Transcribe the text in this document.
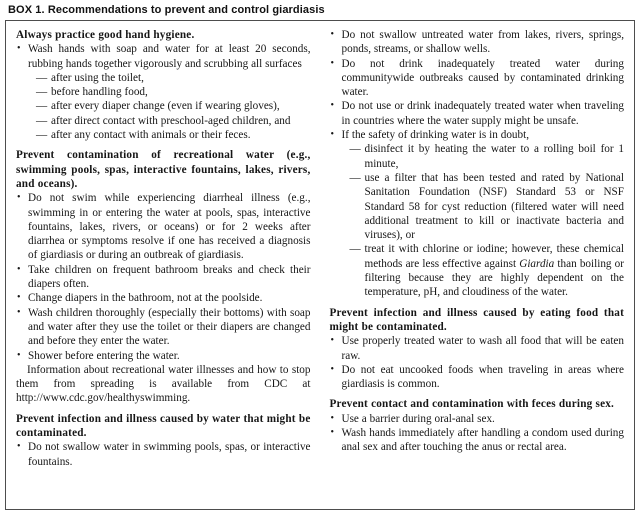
BOX 1. Recommendations to prevent and control giardiasis
Always practice good hand hygiene.
• Wash hands with soap and water for at least 20 seconds, rubbing hands together vigorously and scrubbing all surfaces
— after using the toilet,
— before handling food,
— after every diaper change (even if wearing gloves),
— after direct contact with preschool-aged children, and
— after any contact with animals or their feces.
Prevent contamination of recreational water (e.g., swimming pools, spas, interactive fountains, lakes, rivers, and oceans).
• Do not swim while experiencing diarrheal illness (e.g., swimming in or entering the water at pools, spas, interactive fountains, lakes, rivers, or oceans) or for 2 weeks after diarrhea or symptoms resolve if one has received a diagnosis of giardiasis or during an outbreak of giardiasis.
• Take children on frequent bathroom breaks and check their diapers often.
• Change diapers in the bathroom, not at the poolside.
• Wash children thoroughly (especially their bottoms) with soap and water after they use the toilet or their diapers are changed and before they enter the water.
• Shower before entering the water.
Information about recreational water illnesses and how to stop them from spreading is available from CDC at http://www.cdc.gov/healthyswimming.
Prevent infection and illness caused by water that might be contaminated.
• Do not swallow water in swimming pools, spas, or interactive fountains.
• Do not swallow untreated water from lakes, rivers, springs, ponds, streams, or shallow wells.
• Do not drink inadequately treated water during communitywide outbreaks caused by contaminated drinking water.
• Do not use or drink inadequately treated water when traveling in countries where the water supply might be unsafe.
• If the safety of drinking water is in doubt,
— disinfect it by heating the water to a rolling boil for 1 minute,
— use a filter that has been tested and rated by National Sanitation Foundation (NSF) Standard 53 or NSF Standard 58 for cyst reduction (filtered water will need additional treatment to kill or inactivate bacteria and viruses), or
— treat it with chlorine or iodine; however, these chemical methods are less effective against Giardia than boiling or filtering because they are highly dependent on the temperature, pH, and cloudiness of the water.
Prevent infection and illness caused by eating food that might be contaminated.
• Use properly treated water to wash all food that will be eaten raw.
• Do not eat uncooked foods when traveling in areas where giardiasis is common.
Prevent contact and contamination with feces during sex.
• Use a barrier during oral-anal sex.
• Wash hands immediately after handling a condom used during anal sex and after touching the anus or rectal area.
